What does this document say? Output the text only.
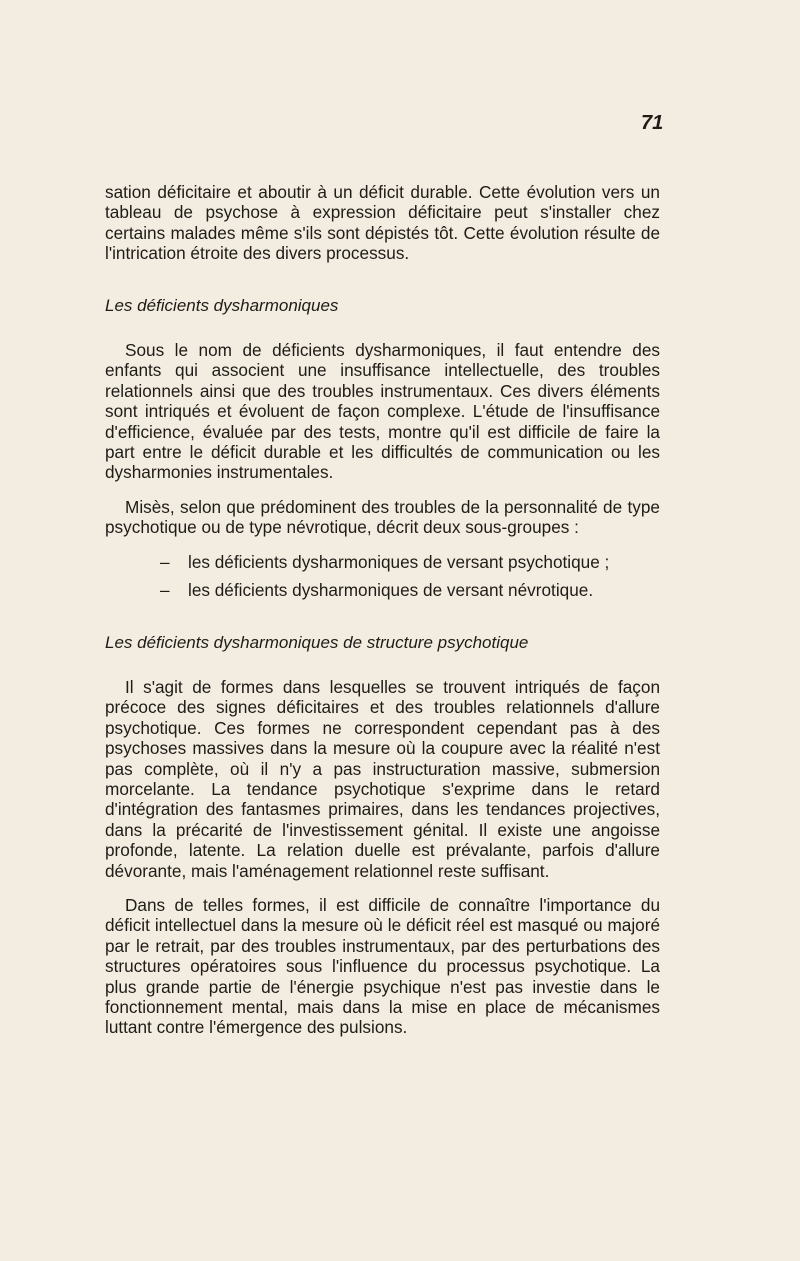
71

sation déficitaire et aboutir à un déficit durable. Cette évolution vers un tableau de psychose à expression déficitaire peut s'installer chez certains malades même s'ils sont dépistés tôt. Cette évolution résulte de l'intrication étroite des divers processus.

Les déficients dysharmoniques

Sous le nom de déficients dysharmoniques, il faut entendre des enfants qui associent une insuffisance intellectuelle, des troubles relationnels ainsi que des troubles instrumentaux. Ces divers éléments sont intriqués et évoluent de façon complexe. L'étude de l'insuffisance d'efficience, évaluée par des tests, montre qu'il est difficile de faire la part entre le déficit durable et les difficultés de communication ou les dysharmonies instrumentales.

Misès, selon que prédominent des troubles de la personnalité de type psychotique ou de type névrotique, décrit deux sous-groupes :

– les déficients dysharmoniques de versant psychotique ;
– les déficients dysharmoniques de versant névrotique.
Les déficients dysharmoniques de structure psychotique

Il s'agit de formes dans lesquelles se trouvent intriqués de façon précoce des signes déficitaires et des troubles relationnels d'allure psychotique. Ces formes ne correspondent cependant pas à des psychoses massives dans la mesure où la coupure avec la réalité n'est pas complète, où il n'y a pas instructuration massive, submersion morcelante. La tendance psychotique s'exprime dans le retard d'intégration des fantasmes primaires, dans les tendances projectives, dans la précarité de l'investissement génital. Il existe une angoisse profonde, latente. La relation duelle est prévalante, parfois d'allure dévorante, mais l'aménagement relationnel reste suffisant.

Dans de telles formes, il est difficile de connaître l'importance du déficit intellectuel dans la mesure où le déficit réel est masqué ou majoré par le retrait, par des troubles instrumentaux, par des perturbations des structures opératoires sous l'influence du processus psychotique. La plus grande partie de l'énergie psychique n'est pas investie dans le fonctionnement mental, mais dans la mise en place de mécanismes luttant contre l'émergence des pulsions.
